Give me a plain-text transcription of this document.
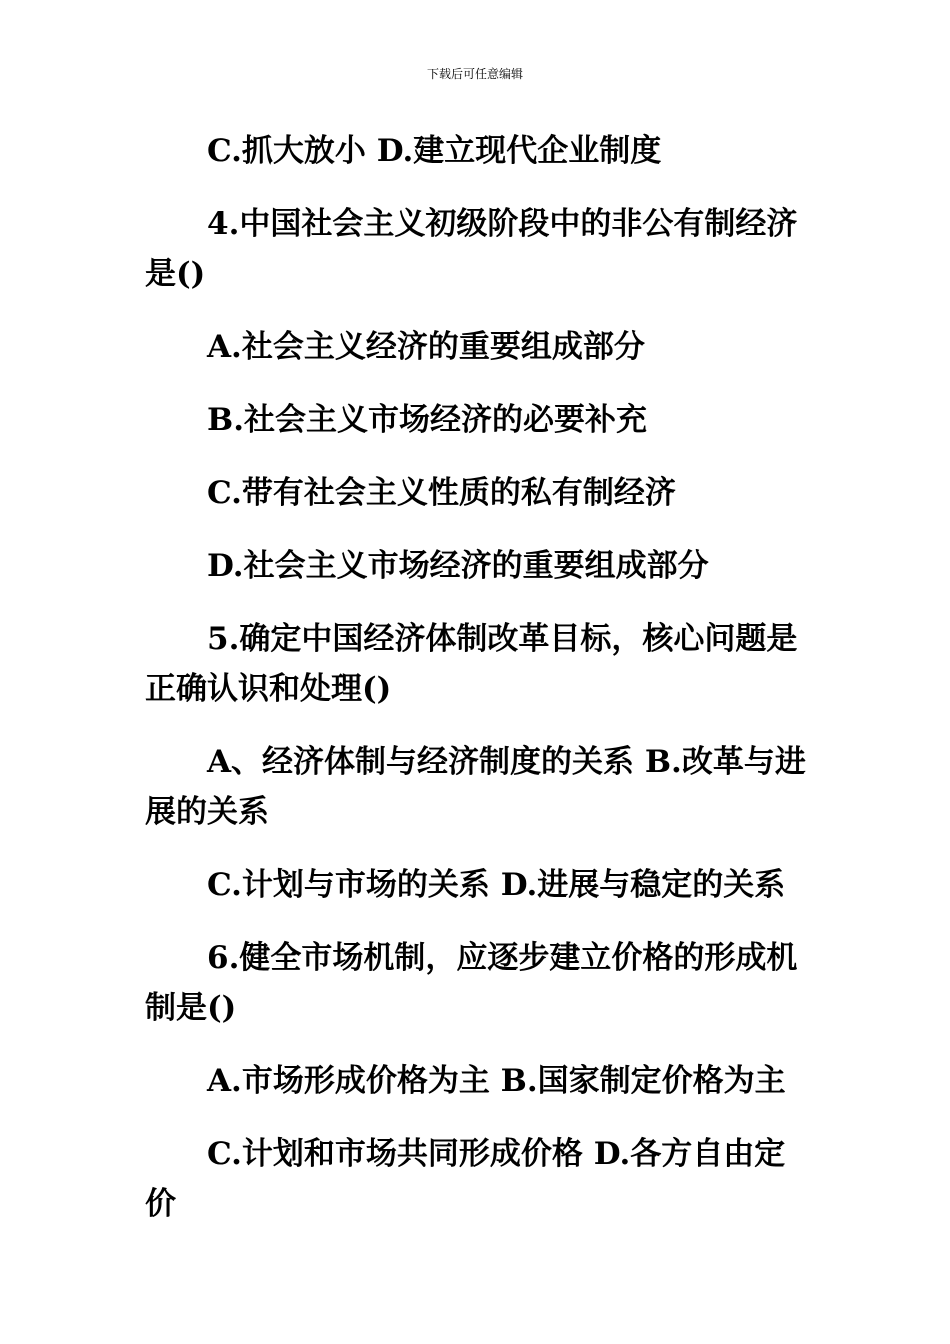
下载后可任意编辑

C.抓大放小 D.建立现代企业制度

4.中国社会主义初级阶段中的非公有制经济是()

A.社会主义经济的重要组成部分

B.社会主义市场经济的必要补充

C.带有社会主义性质的私有制经济

D.社会主义市场经济的重要组成部分

5.确定中国经济体制改革目标，核心问题是正确认识和处理()

A、经济体制与经济制度的关系 B.改革与进展的关系

C.计划与市场的关系 D.进展与稳定的关系

6.健全市场机制，应逐步建立价格的形成机制是()

A.市场形成价格为主 B.国家制定价格为主

C.计划和市场共同形成价格 D.各方自由定价
